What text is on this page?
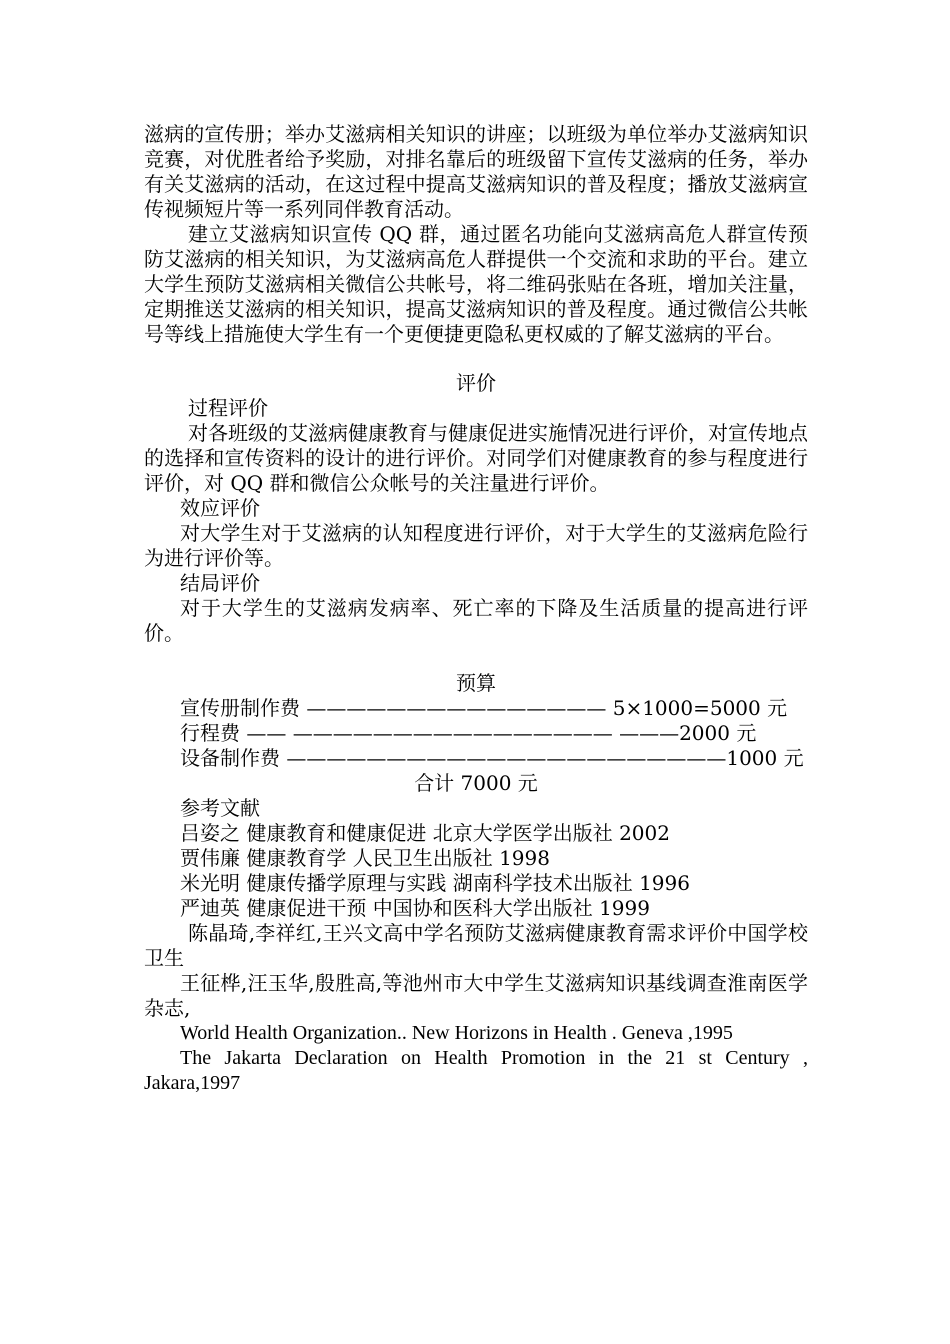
滋病的宣传册；举办艾滋病相关知识的讲座；以班级为单位举办艾滋病知识竞赛，对优胜者给予奖励，对排名靠后的班级留下宣传艾滋病的任务，举办有关艾滋病的活动，在这过程中提高艾滋病知识的普及程度；播放艾滋病宣传视频短片等一系列同伴教育活动。

建立艾滋病知识宣传 QQ 群，通过匿名功能向艾滋病高危人群宣传预防艾滋病的相关知识，为艾滋病高危人群提供一个交流和求助的平台。建立大学生预防艾滋病相关微信公共帐号，将二维码张贴在各班，增加关注量，定期推送艾滋病的相关知识，提高艾滋病知识的普及程度。通过微信公共帐号等线上措施使大学生有一个更便捷更隐私更权威的了解艾滋病的平台。

评价
过程评价

对各班级的艾滋病健康教育与健康促进实施情况进行评价，对宣传地点的选择和宣传资料的设计的进行评价。对同学们对健康教育的参与程度进行评价，对 QQ 群和微信公众帐号的关注量进行评价。

效应评价

对大学生对于艾滋病的认知程度进行评价，对于大学生的艾滋病危险行为进行评价等。

结局评价

对于大学生的艾滋病发病率、死亡率的下降及生活质量的提高进行评价。

预算
宣传册制作费 ——————————————— 5×1000=5000 元
行程费 —— ———————————————— ———2000 元
设备制作费 ——————————————————————1000 元
合计 7000 元
参考文献
吕姿之 健康教育和健康促进 北京大学医学出版社 2002
贾伟廉 健康教育学 人民卫生出版社 1998
米光明 健康传播学原理与实践 湖南科学技术出版社 1996
严迪英 健康促进干预 中国协和医科大学出版社 1999

陈晶琦,李祥红,王兴文高中学名预防艾滋病健康教育需求评价中国学校卫生

王征桦,汪玉华,殷胜高,等池州市大中学生艾滋病知识基线调查淮南医学杂志,

World Health Organization.. New Horizons in Health . Geneva ,1995

The Jakarta Declaration on Health Promotion in the 21 st Century , Jakara,1997
